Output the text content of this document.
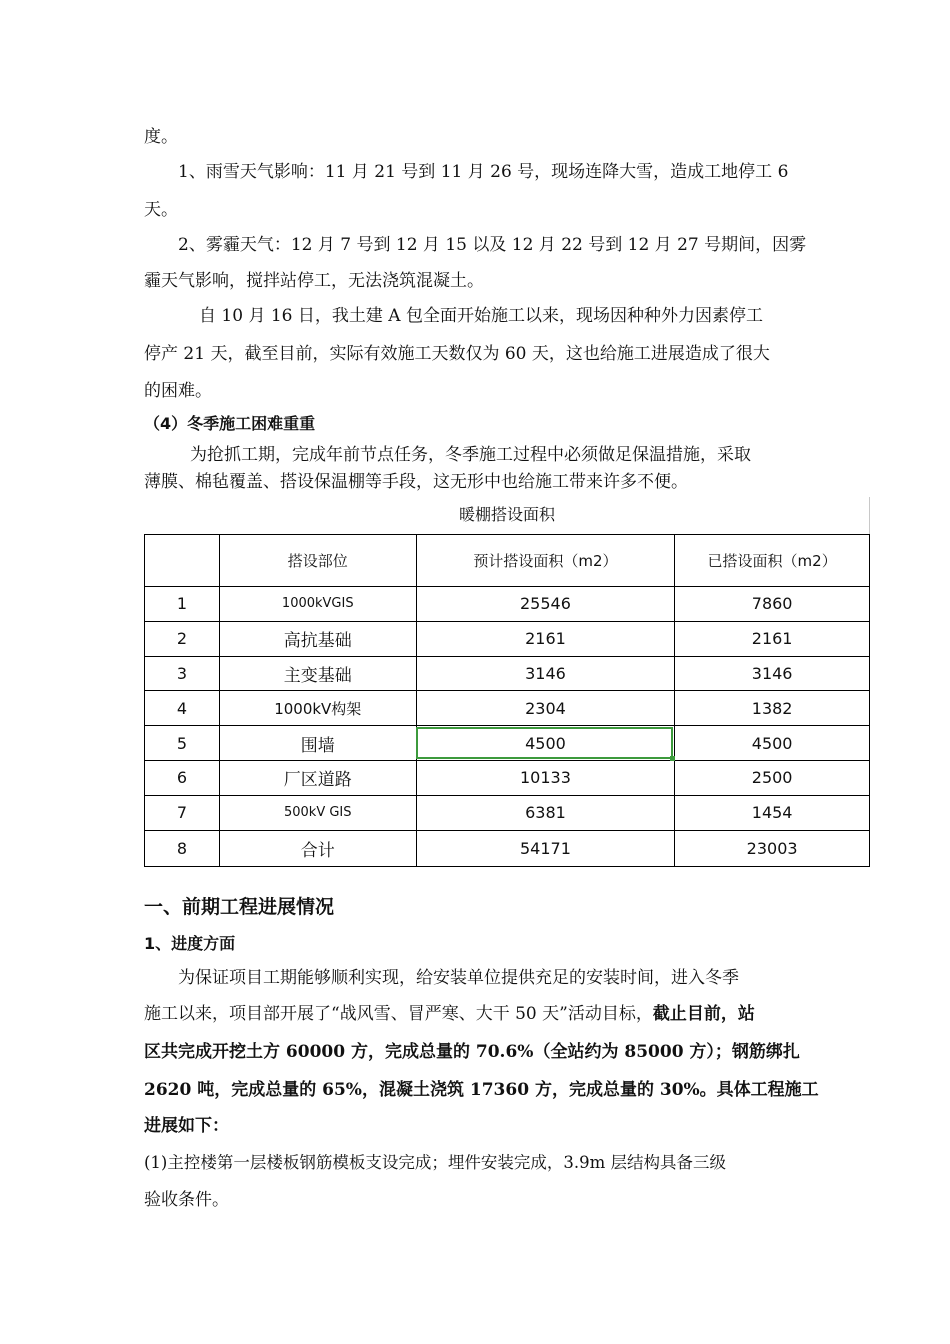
度。
1、雨雪天气影响：11 月 21 号到 11 月 26 号，现场连降大雪，造成工地停工 6
天。
2、雾霾天气：12 月 7 号到 12 月 15 以及 12 月 22 号到 12 月 27 号期间，因雾
霾天气影响，搅拌站停工，无法浇筑混凝土。
自 10 月 16 日，我土建 A 包全面开始施工以来，现场因种种外力因素停工
停产 21 天，截至目前，实际有效施工天数仅为 60 天，这也给施工进展造成了很大
的困难。
（4）冬季施工困难重重
为抢抓工期，完成年前节点任务，冬季施工过程中必须做足保温措施，采取
薄膜、棉毡覆盖、搭设保温棚等手段，这无形中也给施工带来许多不便。
暖棚搭设面积
	搭设部位	预计搭设面积（m2）	已搭设面积（m2）
1	1000kVGIS	25546	7860
2	高抗基础	2161	2161
3	主变基础	3146	3146
4	1000kV构架	2304	1382
5	围墙	4500	4500
6	厂区道路	10133	2500
7	500kV GIS	6381	1454
8	合计	54171	23003
一、前期工程进展情况
1、进度方面
为保证项目工期能够顺利实现，给安装单位提供充足的安装时间，进入冬季
施工以来，项目部开展了“战风雪、冒严寒、大干 50 天”活动目标，截止目前，站
区共完成开挖土方 60000 方，完成总量的 70.6%（全站约为 85000 方）；钢筋绑扎
2620 吨，完成总量的 65%，混凝土浇筑 17360 方，完成总量的 30%。具体工程施工
进展如下：
(1)主控楼第一层楼板钢筋模板支设完成；埋件安装完成，3.9m 层结构具备三级
验收条件。
